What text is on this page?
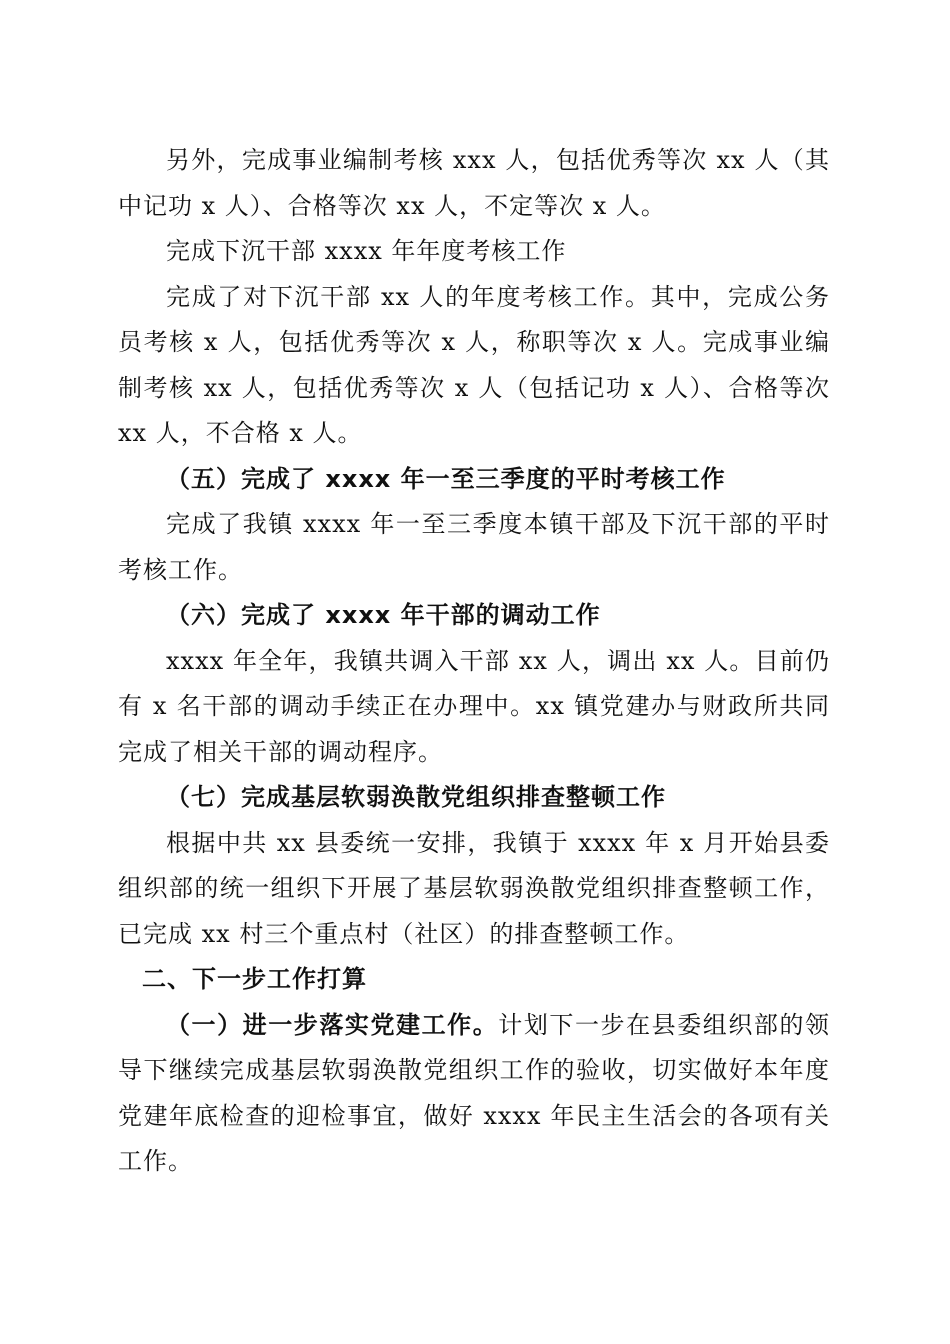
另外，完成事业编制考核 xxx 人，包括优秀等次 xx 人（其中记功 x 人）、合格等次 xx 人，不定等次 x 人。

完成下沉干部 xxxx 年年度考核工作

完成了对下沉干部 xx 人的年度考核工作。其中，完成公务员考核 x 人，包括优秀等次 x 人，称职等次 x 人。完成事业编制考核 xx 人，包括优秀等次 x 人（包括记功 x 人）、合格等次 xx 人，不合格 x 人。

（五）完成了 xxxx 年一至三季度的平时考核工作

完成了我镇 xxxx 年一至三季度本镇干部及下沉干部的平时考核工作。

（六）完成了 xxxx 年干部的调动工作

xxxx 年全年，我镇共调入干部 xx 人，调出 xx 人。目前仍有 x 名干部的调动手续正在办理中。xx 镇党建办与财政所共同完成了相关干部的调动程序。

（七）完成基层软弱涣散党组织排查整顿工作

根据中共 xx 县委统一安排，我镇于 xxxx 年 x 月开始县委组织部的统一组织下开展了基层软弱涣散党组织排查整顿工作，已完成 xx 村三个重点村（社区）的排查整顿工作。

二、下一步工作打算

（一）进一步落实党建工作。计划下一步在县委组织部的领导下继续完成基层软弱涣散党组织工作的验收，切实做好本年度党建年底检查的迎检事宜，做好 xxxx 年民主生活会的各项有关工作。
